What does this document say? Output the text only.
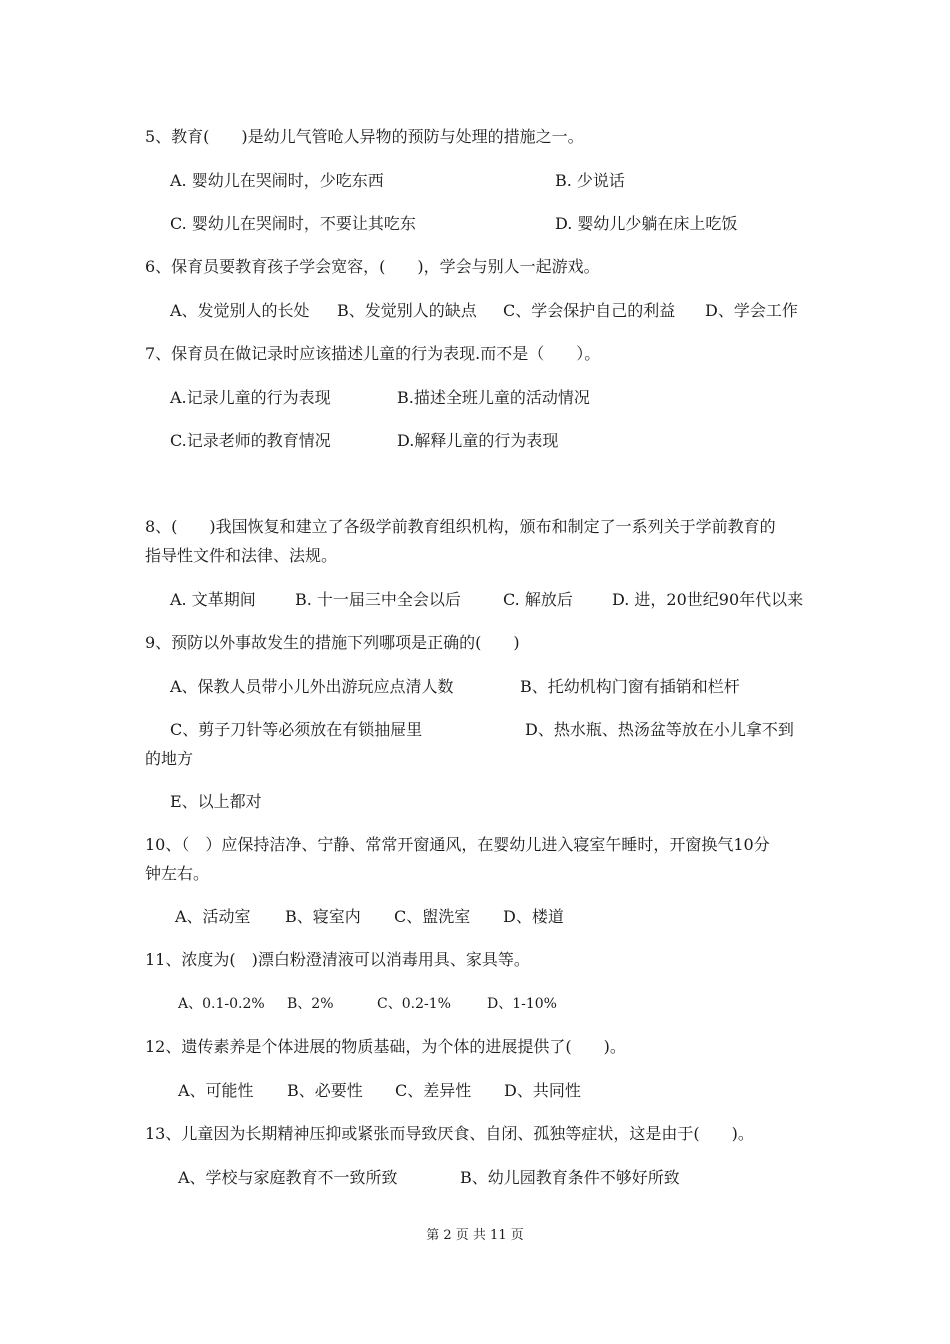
5、教育(　　)是幼儿气管呛人异物的预防与处理的措施之一。
A. 婴幼儿在哭闹时，少吃东西	B. 少说话
C. 婴幼儿在哭闹时，不要让其吃东	D. 婴幼儿少躺在床上吃饭
6、保育员要教育孩子学会宽容，(　　)，学会与别人一起游戏。
A、发觉别人的长处 B、发觉别人的缺点 C、学会保护自己的利益 D、学会工作
7、保育员在做记录时应该描述儿童的行为表现.而不是（　　）。
A.记录儿童的行为表现	B.描述全班儿童的活动情况
C.记录老师的教育情况	D.解释儿童的行为表现
8、(　　)我国恢复和建立了各级学前教育组织机构，颁布和制定了一系列关于学前教育的
指导性文件和法律、法规。
A. 文革期间 B. 十一届三中全会以后	C. 解放后 D. 进，20世纪90年代以来
9、预防以外事故发生的措施下列哪项是正确的(　　)
A、保教人员带小儿外出游玩应点清人数	B、托幼机构门窗有插销和栏杆
C、剪子刀针等必须放在有锁抽屉里	D、热水瓶、热汤盆等放在小儿拿不到
的地方
E、以上都对
10、（　）应保持洁净、宁静、常常开窗通风，在婴幼儿进入寝室午睡时，开窗换气10分
钟左右。
A、活动室 B、寝室内 C、盥洗室 D、楼道
11、浓度为(　)漂白粉澄清液可以消毒用具、家具等。
A、0.1-0.2% B、2%	C、0.2-1%	D、1-10%
12、遗传素养是个体进展的物质基础，为个体的进展提供了(　　)。
A、可能性 B、必要性 C、差异性 D、共同性
13、儿童因为长期精神压抑或紧张而导致厌食、自闭、孤独等症状，这是由于(　　)。
A、学校与家庭教育不一致所致	B、幼儿园教育条件不够好所致
第 2 页 共 11 页
